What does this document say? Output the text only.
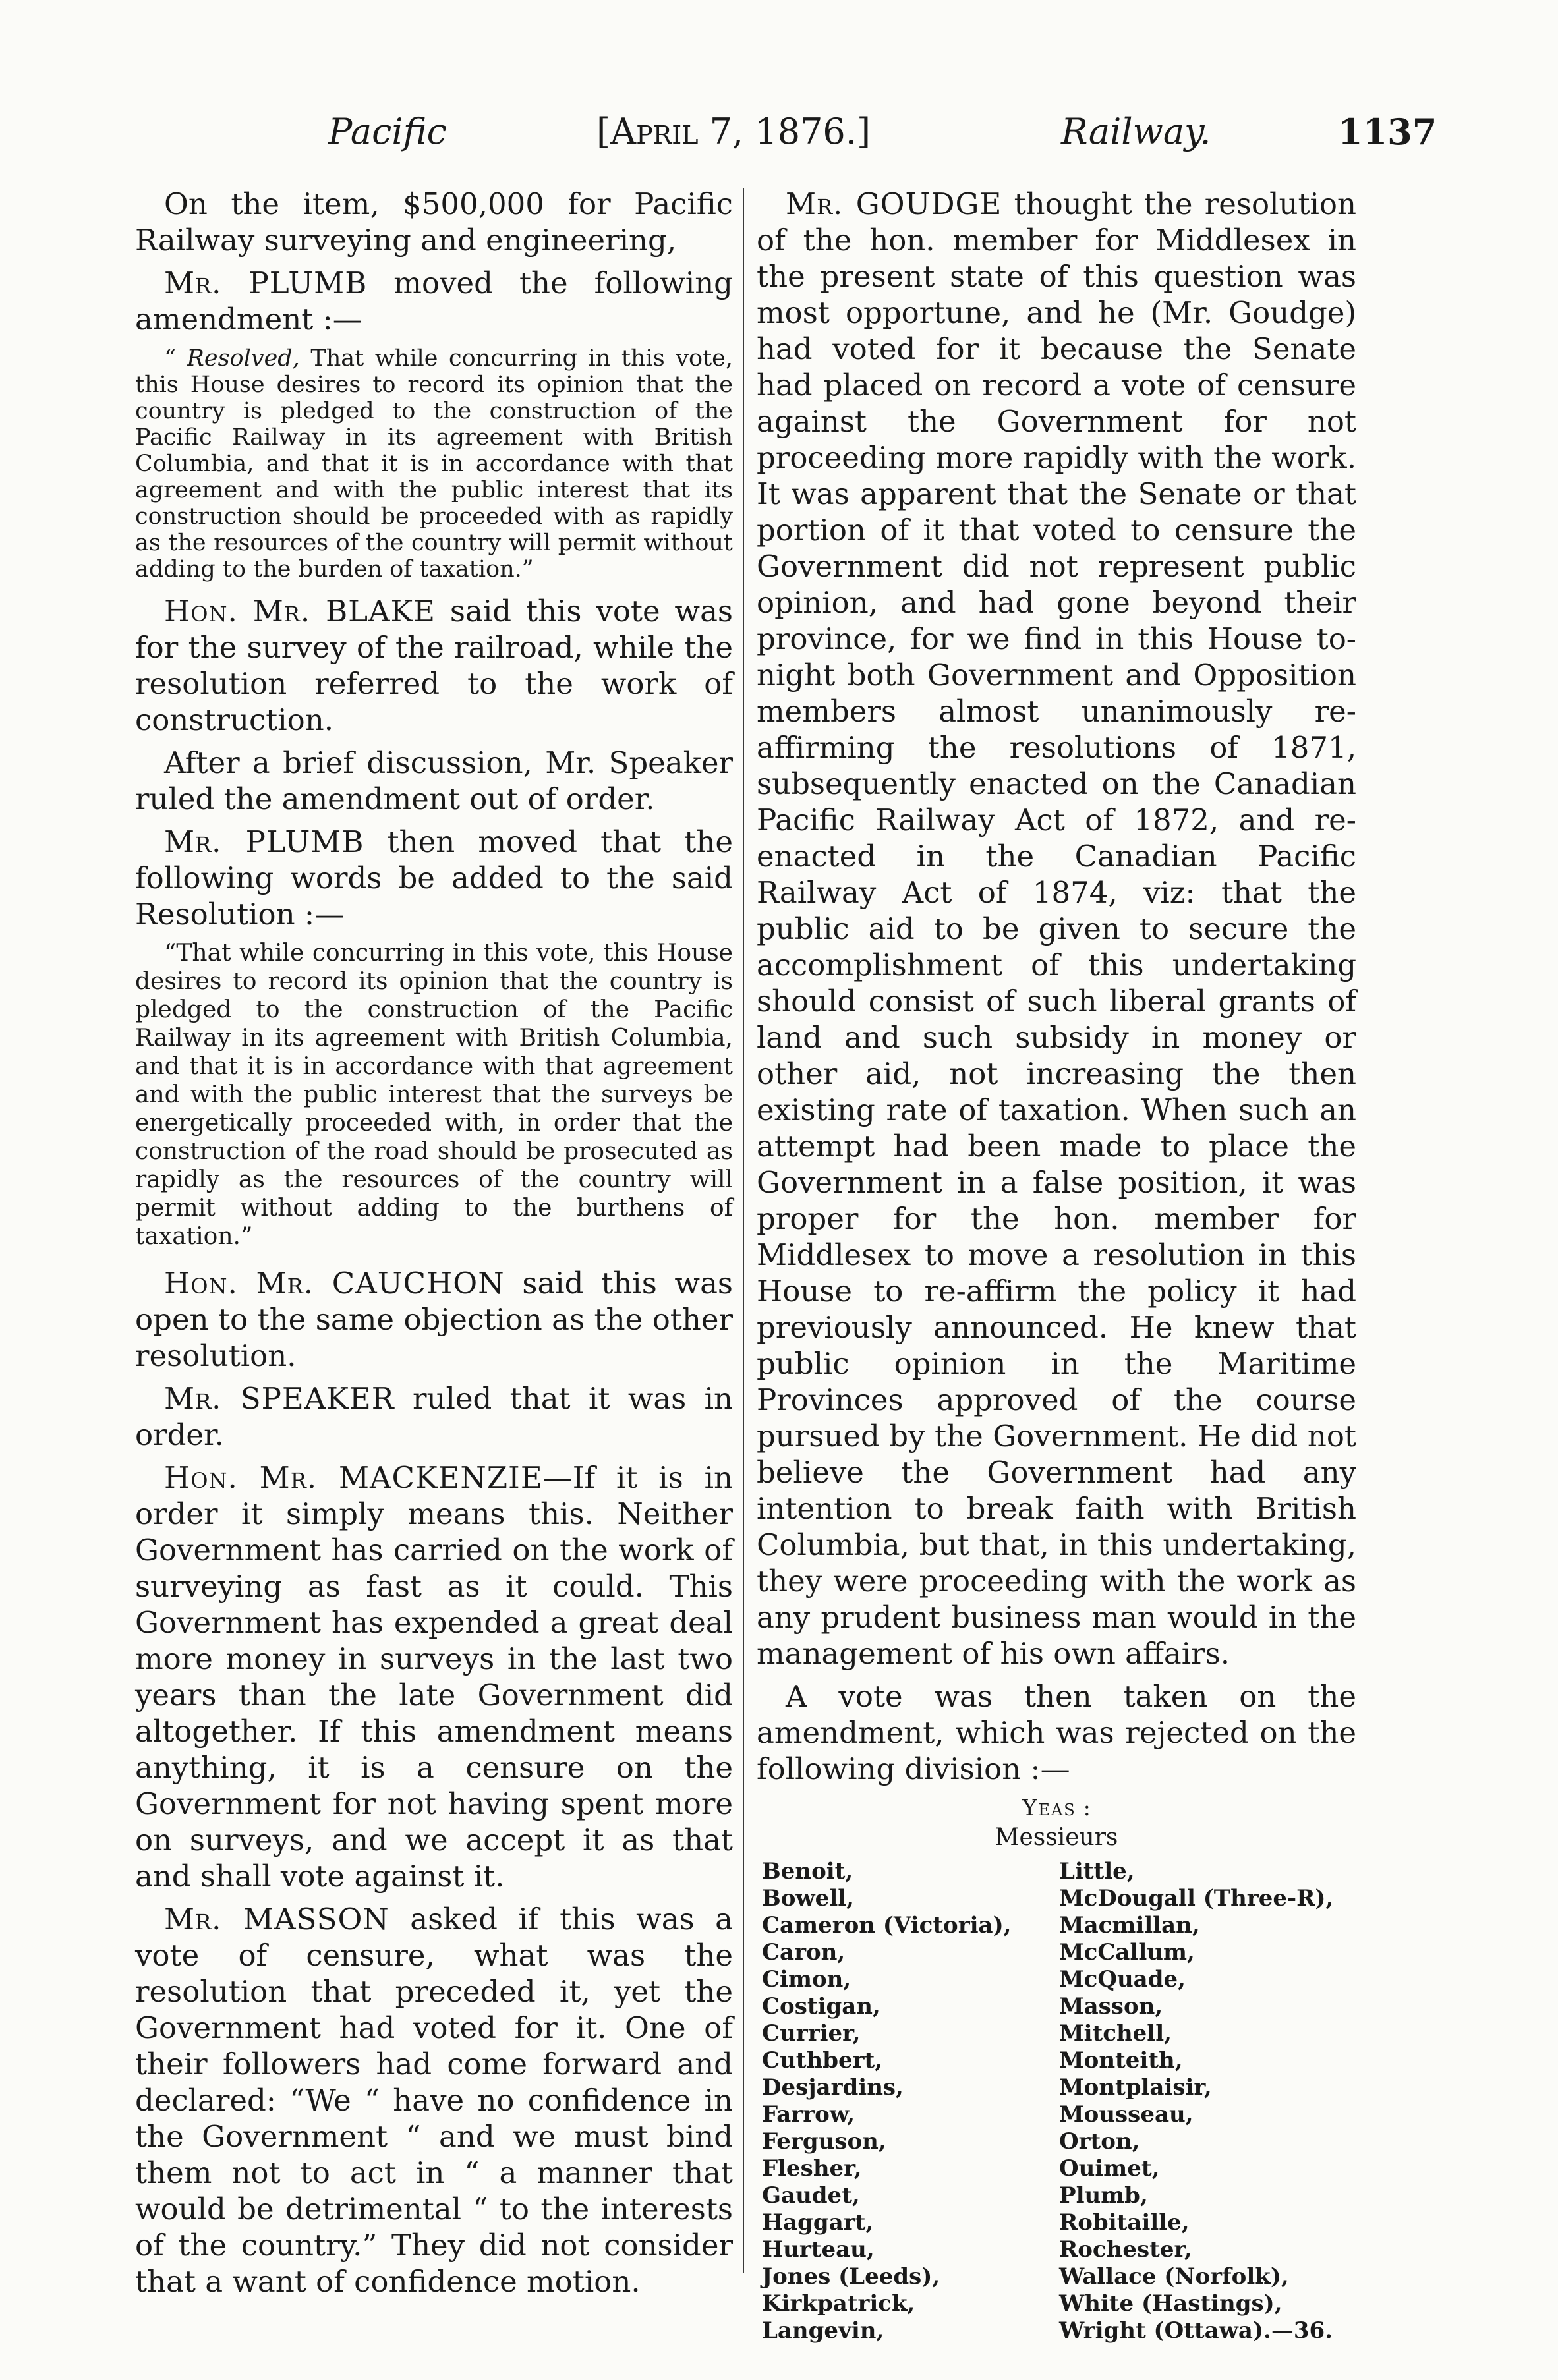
Pacific	[April 7, 1876.]	Railway.	1137

On the item, $500,000 for Pacific Railway surveying and engineering,

Mr. PLUMB moved the following amendment :—

“ Resolved, That while concurring in this vote, this House desires to record its opinion that the country is pledged to the construction of the Pacific Railway in its agreement with British Columbia, and that it is in accordance with that agreement and with the public interest that its construction should be proceeded with as rapidly as the resources of the country will permit without adding to the burden of taxation.”

Hon. Mr. BLAKE said this vote was for the survey of the railroad, while the resolution referred to the work of construction.

After a brief discussion, Mr. Speaker ruled the amendment out of order.

Mr. PLUMB then moved that the following words be added to the said Resolution :—

“That while concurring in this vote, this House desires to record its opinion that the country is pledged to the construction of the Pacific Railway in its agreement with British Columbia, and that it is in accordance with that agreement and with the public interest that the surveys be energetically proceeded with, in order that the construction of the road should be prosecuted as rapidly as the resources of the country will permit without adding to the burthens of taxation.”

Hon. Mr. CAUCHON said this was open to the same objection as the other resolution.

Mr. SPEAKER ruled that it was in order.

Hon. Mr. MACKENZIE—If it is in order it simply means this. Neither Government has carried on the work of surveying as fast as it could. This Government has expended a great deal more money in surveys in the last two years than the late Government did altogether. If this amendment means anything, it is a censure on the Government for not having spent more on surveys, and we accept it as that and shall vote against it.

Mr. MASSON asked if this was a vote of censure, what was the resolution that preceded it, yet the Government had voted for it. One of their followers had come forward and declared: “We “ have no confidence in the Government “ and we must bind them not to act in “ a manner that would be detrimental “ to the interests of the country.” They did not consider that a want of confidence motion.

Mr. GOUDGE thought the resolution of the hon. member for Middlesex in the present state of this question was most opportune, and he (Mr. Goudge) had voted for it because the Senate had placed on record a vote of censure against the Government for not proceeding more rapidly with the work. It was apparent that the Senate or that portion of it that voted to censure the Government did not represent public opinion, and had gone beyond their province, for we find in this House to-night both Government and Opposition members almost unanimously re-affirming the resolutions of 1871, subsequently enacted on the Canadian Pacific Railway Act of 1872, and re-enacted in the Canadian Pacific Railway Act of 1874, viz: that the public aid to be given to secure the accomplishment of this undertaking should consist of such liberal grants of land and such subsidy in money or other aid, not increasing the then existing rate of taxation. When such an attempt had been made to place the Government in a false position, it was proper for the hon. member for Middlesex to move a resolution in this House to re-affirm the policy it had previously announced. He knew that public opinion in the Maritime Provinces approved of the course pursued by the Government. He did not believe the Government had any intention to break faith with British Columbia, but that, in this undertaking, they were proceeding with the work as any prudent business man would in the management of his own affairs.

A vote was then taken on the amendment, which was rejected on the following division :—

Yeas :
Messieurs
Benoit,
Bowell,
Cameron (Victoria),
Caron,
Cimon,
Costigan,
Currier,
Cuthbert,
Desjardins,
Farrow,
Ferguson,
Flesher,
Gaudet,
Haggart,
Hurteau,
Jones (Leeds),
Kirkpatrick,
Langevin,
Little,
McDougall (Three-R),
Macmillan,
McCallum,
McQuade,
Masson,
Mitchell,
Monteith,
Montplaisir,
Mousseau,
Orton,
Ouimet,
Plumb,
Robitaille,
Rochester,
Wallace (Norfolk),
White (Hastings),
Wright (Ottawa).—36.
